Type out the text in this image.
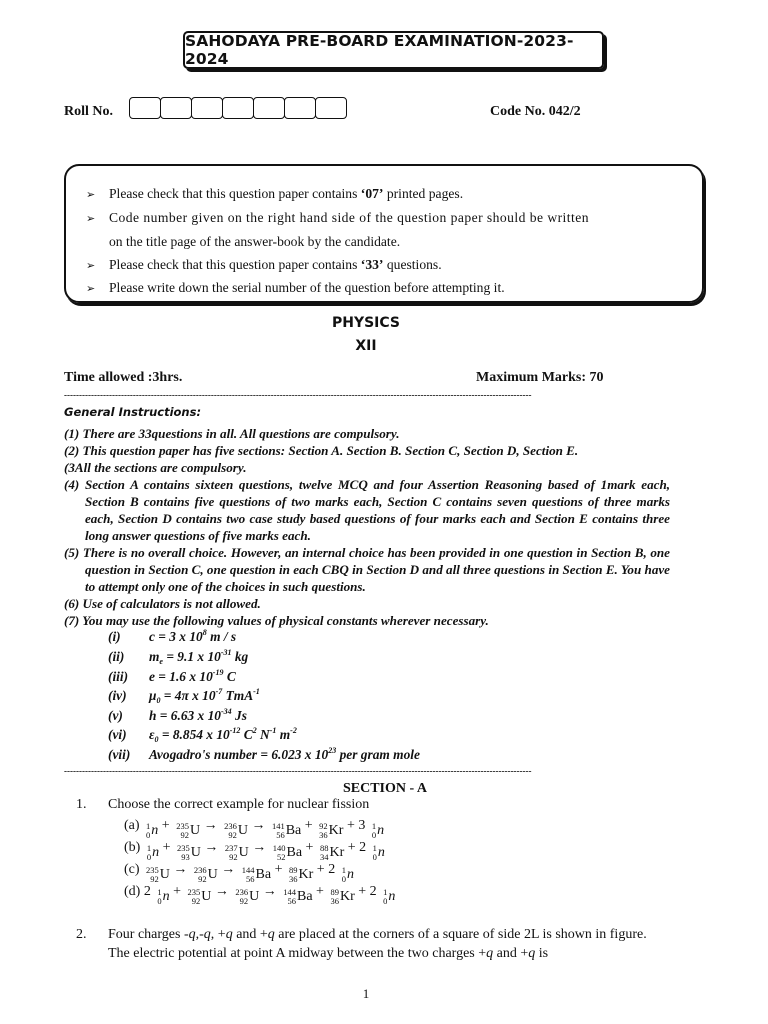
SAHODAYA PRE-BOARD EXAMINATION-2023-2024
Roll No.	Code No. 042/2
➢ Please check that this question paper contains ‘07’ printed pages.
➢ Code number given on the right hand side of the question paper should be written
on the title page of the answer-book by the candidate.
➢ Please check that this question paper contains ‘33’ questions.
➢ Please write down the serial number of the question before attempting it.
PHYSICS
XII
Time allowed :3hrs.	Maximum Marks: 70
------------------------------------------------------------------------------------------------------------------------------------------------------------
General Instructions:

(1) There are 33questions in all. All questions are compulsory.

(2) This question paper has five sections: Section A. Section B. Section C, Section D, Section E.

(3All the sections are compulsory.

(4) Section A contains sixteen questions, twelve MCQ and four Assertion Reasoning based of 1mark each, Section B contains five questions of two marks each, Section C contains seven questions of three marks each, Section D contains two case study based questions of four marks each and Section E contains three long answer questions of five marks each.

(5) There is no overall choice. However, an internal choice has been provided in one question in Section B, one question in Section C, one question in each CBQ in Section D and all three questions in Section E. You have to attempt only one of the choices in such questions.

(6) Use of calculators is not allowed.

(7) You may use the following values of physical constants wherever necessary.

(i) c = 3 x $10^8$ m / s
(ii) $m_e = 9.1$ x $10^{-31}$ kg
(iii) e = 1.6 x $10^{-19}$ C
(iv) $\mu_0 = 4\pi$ x $10^{-7}$ TmA$^{-1}$
(v) h = 6.63 x $10^{-34}$ Js
(vi) $\varepsilon_0 = 8.854$ x $10^{-12}$ $C^2$ $N^{-1}$ $m^{-2}$
(vii) Avogadro's number = 6.023 x $10^{23}$ per gram mole
------------------------------------------------------------------------------------------------------------------------------------------------------------
SECTION - A
1. Choose the correct example for nuclear fission
(a) 1
0 n + 235
92 U → 236
92 U → 141
56 Ba + 92
36 Kr + 3 1
0 n
(b) 1
0 n + 235
93 U → 237
92 U → 140
52 Ba + 88
34 Kr + 2 1
0 n
(c) 235
92 U → 236
92 U → 144
56 Ba + 89
36 Kr + 2 1
0 n
(d) 2 1
0 n + 235
92 U → 236
92 U → 144
56 Ba + 89
36 Kr + 2 1
0 n
2. Four charges -q,-q, +q and +q are placed at the corners of a square of side 2L is shown in figure.
The electric potential at point A midway between the two charges +q and +q is
1
